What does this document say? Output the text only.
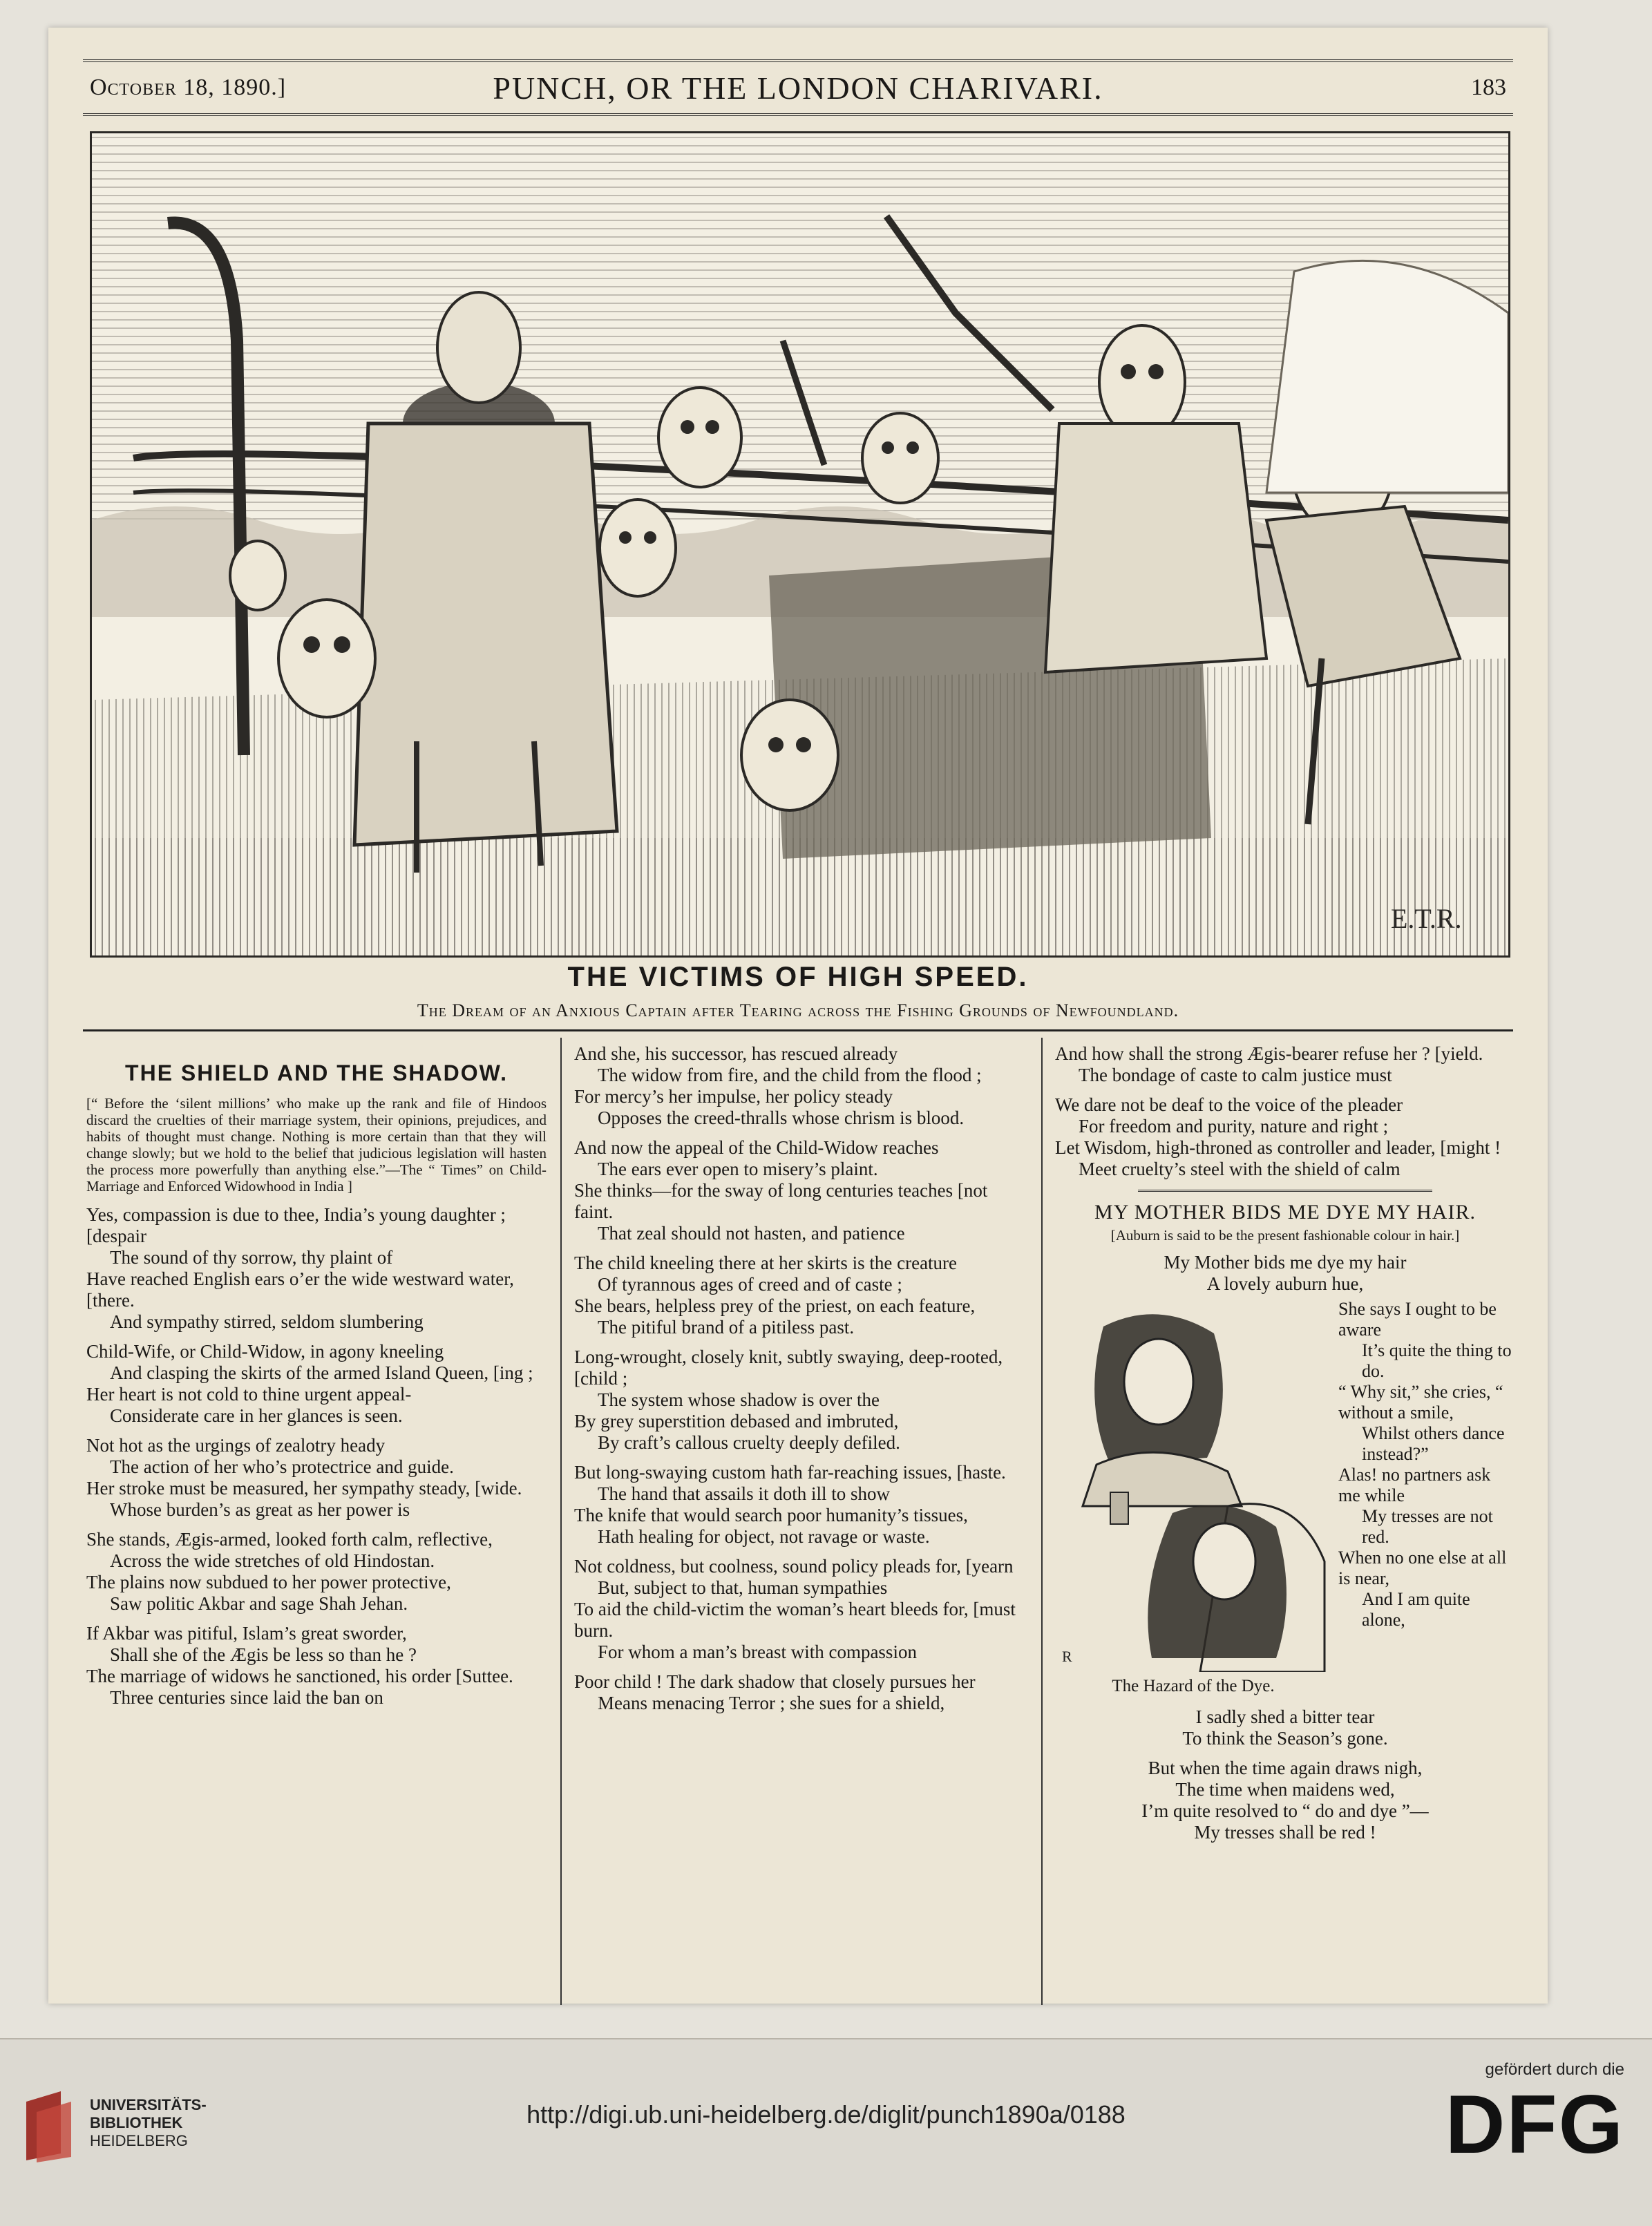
October 18, 1890.]	PUNCH, OR THE LONDON CHARIVARI.	183
E.T.R.
THE VICTIMS OF HIGH SPEED.
The Dream of an Anxious Captain after Tearing across the Fishing Grounds of Newfoundland.
THE SHIELD AND THE SHADOW.

[“ Before the ‘silent millions’ who make up the rank and file of Hindoos discard the cruelties of their marriage system, their opinions, prejudices, and habits of thought must change. Nothing is more certain than that they will change slowly; but we hold to the belief that judicious legislation will hasten the process more powerfully than anything else.”—The “ Times” on Child-Marriage and Enforced Widowhood in India ]

Yes, compassion is due to thee, India’s young daughter ; [despair

The sound of thy sorrow, thy plaint of

Have reached English ears o’er the wide westward water, [there.

And sympathy stirred, seldom slumbering

Child-Wife, or Child-Widow, in agony kneeling

And clasping the skirts of the armed Island Queen, [ing ;

Her heart is not cold to thine urgent appeal-

Considerate care in her glances is seen.

Not hot as the urgings of zealotry heady

The action of her who’s protectrice and guide.

Her stroke must be measured, her sympathy steady, [wide.

Whose burden’s as great as her power is

She stands, Ægis-armed, looked forth calm, reflective,

Across the wide stretches of old Hindostan.

The plains now subdued to her power protective,

Saw politic Akbar and sage Shah Jehan.

If Akbar was pitiful, Islam’s great sworder,

Shall she of the Ægis be less so than he ?

The marriage of widows he sanctioned, his order [Suttee.

Three centuries since laid the ban on

And she, his successor, has rescued already

The widow from fire, and the child from the flood ;

For mercy’s her impulse, her policy steady

Opposes the creed-thralls whose chrism is blood.

And now the appeal of the Child-Widow reaches

The ears ever open to misery’s plaint.

She thinks—for the sway of long centuries teaches [not faint.

That zeal should not hasten, and patience

The child kneeling there at her skirts is the creature

Of tyrannous ages of creed and of caste ;

She bears, helpless prey of the priest, on each feature,

The pitiful brand of a pitiless past.

Long-wrought, closely knit, subtly swaying, deep-rooted, [child ;

The system whose shadow is over the

By grey superstition debased and imbruted,

By craft’s callous cruelty deeply defiled.

But long-swaying custom hath far-reaching issues, [haste.

The hand that assails it doth ill to show

The knife that would search poor humanity’s tissues,

Hath healing for object, not ravage or waste.

Not coldness, but coolness, sound policy pleads for, [yearn

But, subject to that, human sympathies

To aid the child-victim the woman’s heart bleeds for, [must burn.

For whom a man’s breast with compassion

Poor child ! The dark shadow that closely pursues her

Means menacing Terror ; she sues for a shield,

And how shall the strong Ægis-bearer refuse her ? [yield.

The bondage of caste to calm justice must

We dare not be deaf to the voice of the pleader

For freedom and purity, nature and right ;

Let Wisdom, high-throned as controller and leader, [might !

Meet cruelty’s steel with the shield of calm

MY MOTHER BIDS ME DYE MY HAIR.
[Auburn is said to be the present fashionable colour in hair.]

My Mother bids me dye my hair

A lovely auburn hue,

R
The Hazard of the Dye.

She says I ought to be aware

It’s quite the thing to do.

“ Why sit,” she cries, “ without a smile,

Whilst others dance instead?”

Alas! no partners ask me while

My tresses are not red.

When no one else at all is near,

And I am quite alone,

I sadly shed a bitter tear

To think the Season’s gone.

But when the time again draws nigh,

The time when maidens wed,

I’m quite resolved to “ do and dye ”—

My tresses shall be red !

UNIVERSITÄTS-
BIBLIOTHEK
HEIDELBERG
http://digi.ub.uni-heidelberg.de/diglit/punch1890a/0188
gefördert durch die
DFG
